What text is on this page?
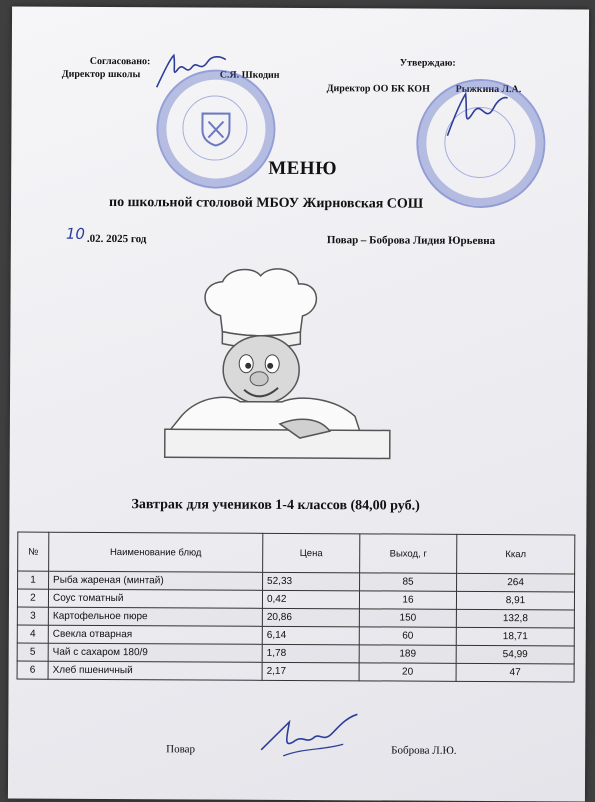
Согласовано:
Директор школы	С.Я. Шкодин
Утверждаю:
Директор ОО БК КОН	Рыжкина Л.А.
МЕНЮ
по школьной столовой МБОУ Жирновская СОШ
10 .02. 2025 год	Повар – Боброва Лидия Юрьевна
Завтрак для учеников 1-4 классов (84,00 руб.)
№	Наименование блюд	Цена	Выход, г	Ккал
1	Рыба жареная (минтай)	52,33	85	264
2	Соус томатный	0,42	16	8,91
3	Картофельное пюре	20,86	150	132,8
4	Свекла отварная	6,14	60	18,71
5	Чай с сахаром 180/9	1,78	189	54,99
6	Хлеб пшеничный	2,17	20	47
Повар	Боброва Л.Ю.
